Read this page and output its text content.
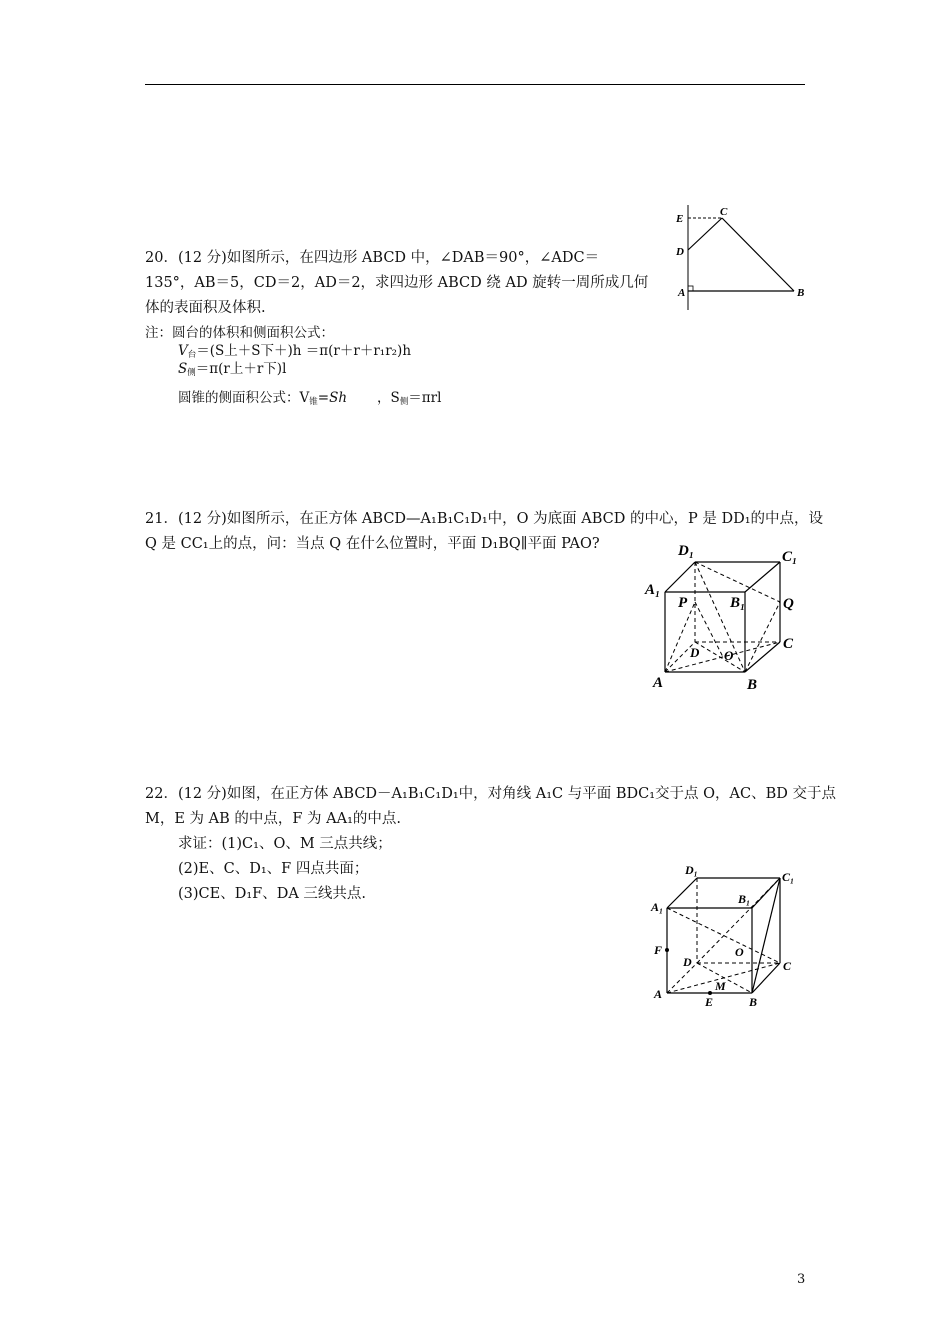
20．(12 分)如图所示，在四边形 ABCD 中，∠DAB＝90°，∠ADC＝
135°，AB＝5，CD＝2，AD＝2，求四边形 ABCD 绕 AD 旋转一周所成几何
体的表面积及体积.
注：圆台的体积和侧面积公式：
V台＝(S上＋S下＋)h ＝π(r＋r＋r₁r₂)h
S侧＝π(r上＋r下)l
圆锥的侧面积公式：V锥=Sh ，S侧＝πrl
E
C
D
A	B
21．(12 分)如图所示，在正方体 ABCD—A₁B₁C₁D₁中，O 为底面 ABCD 的中心，P 是 DD₁的中点，设
Q 是 CC₁上的点，问：当点 Q 在什么位置时，平面 D₁BQ∥平面 PAO?	D₁	C₁
A₁
P	B₁	Q
C
D O
A	B
22．(12 分)如图，在正方体 ABCD－A₁B₁C₁D₁中，对角线 A₁C 与平面 BDC₁交于点 O，AC、BD 交于点
M，E 为 AB 的中点，F 为 AA₁的中点.
求证：(1)C₁、O、M 三点共线；
(2)E、C、D₁、F 四点共面；
(3)CE、D₁F、DA 三线共点.
D₁	C₁
B₁
A₁
F
D
O
C
M
A
E	B
3
